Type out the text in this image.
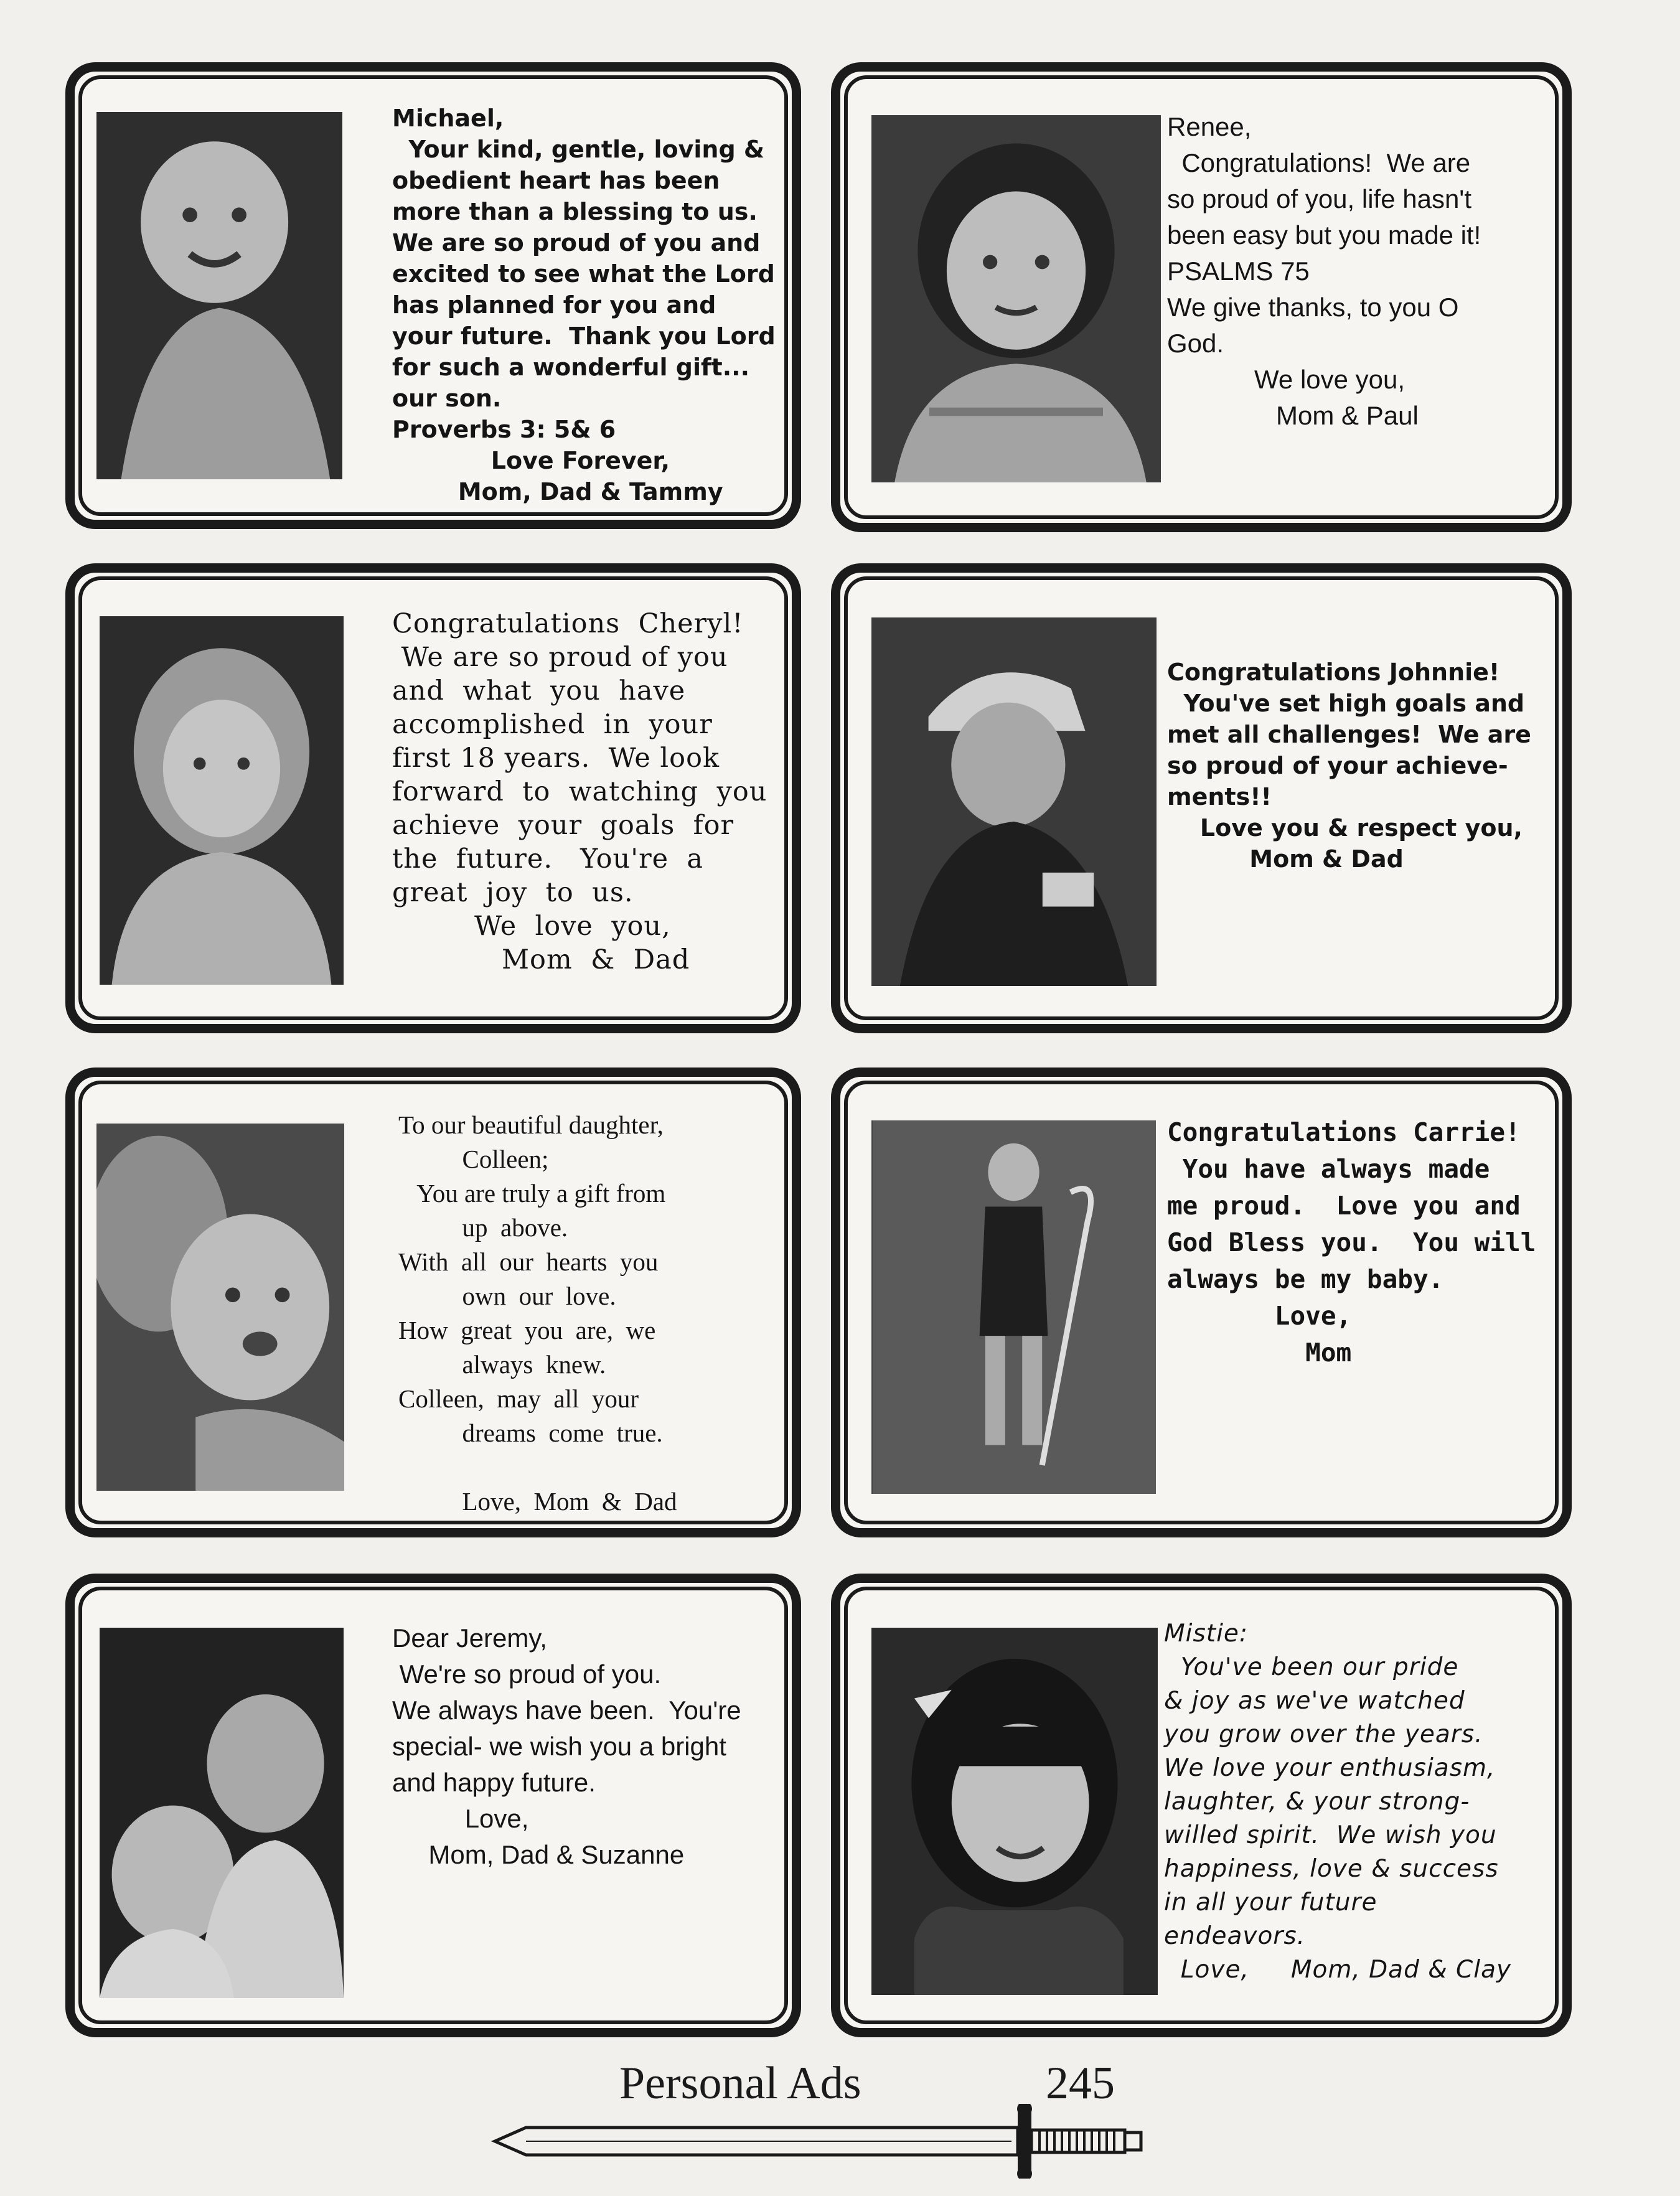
Michael,
Your kind, gentle, loving &
obedient heart has been
more than a blessing to us.
We are so proud of you and
excited to see what the Lord
has planned for you and
your future.  Thank you Lord
for such a wonderful gift...
our son.
Proverbs 3: 5& 6
Love Forever,
Mom, Dad & Tammy
Renee,
Congratulations!  We are
so proud of you, life hasn't
been easy but you made it!
PSALMS 75
We give thanks, to you O
God.
We love you,
Mom & Paul
Congratulations  Cheryl!
We are so proud of you
and  what  you  have
accomplished  in  your
first 18 years.  We look
forward  to  watching  you
achieve  your  goals  for
the  future.   You're  a
great  joy  to  us.
We  love  you,
Mom  &  Dad
Congratulations Johnnie!
You've set high goals and
met all challenges!  We are
so proud of your achieve-
ments!!
Love you & respect you,
Mom & Dad
To our beautiful daughter,
Colleen;
You are truly a gift from
up  above.
With  all  our  hearts  you
own  our  love.
How  great  you  are,  we
always  knew.
Colleen,  may  all  your
dreams  come  true.

Love,  Mom  &  Dad
Congratulations Carrie!
You have always made
me proud.  Love you and
God Bless you.  You will
always be my baby.
Love,
Mom
Dear Jeremy,
We're so proud of you.
We always have been.  You're
special- we wish you a bright
and happy future.
Love,
Mom, Dad & Suzanne
Mistie:
You've been our pride
& joy as we've watched
you grow over the years.
We love your enthusiasm,
laughter, & your strong-
willed spirit.  We wish you
happiness, love & success
in all your future
endeavors.
Love,     Mom, Dad & Clay
Personal Ads	245
